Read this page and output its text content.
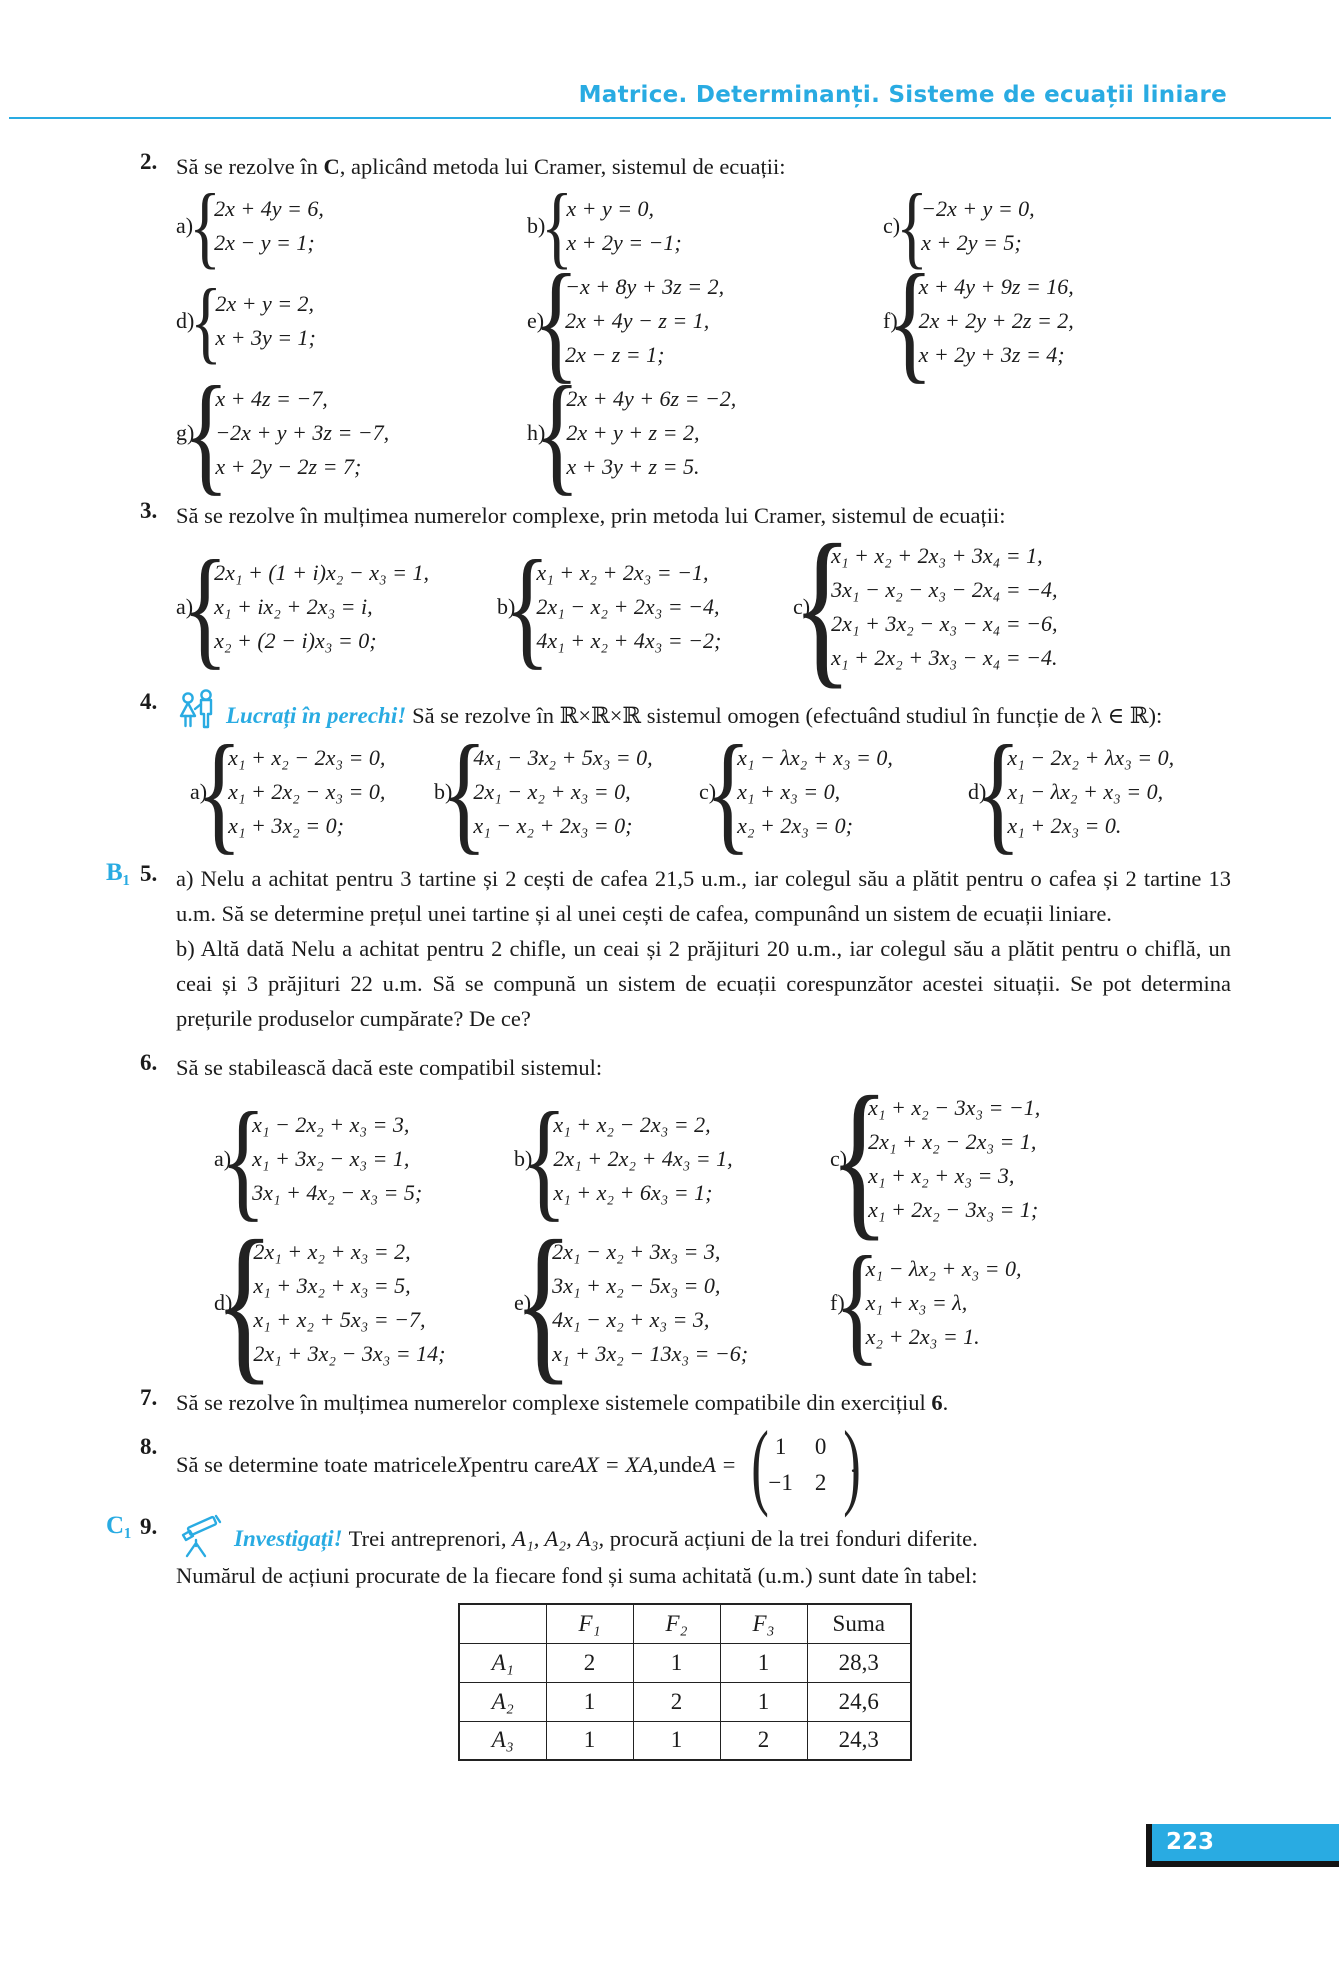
Matrice. Determinanți. Sisteme de ecuații liniare
2. Să se rezolve în C, aplicând metoda lui Cramer, sistemul de ecuații:

a)
2x + 4y = 6,
2x − y = 1;
b)
x + y = 0,
x + 2y = −1;
c)
−2x + y = 0,
x + 2y = 5;
d)
2x + y = 2,
x + 3y = 1;
e)
−x + 8y + 3z = 2,
2x + 4y − z = 1,
2x − z = 1;
f)
x + 4y + 9z = 16,
2x + 2y + 2z = 2,
x + 2y + 3z = 4;
g)
x + 4z = −7,
−2x + y + 3z = −7,
x + 2y − 2z = 7;
h)
2x + 4y + 6z = −2,
2x + y + z = 2,
x + 3y + z = 5.
3. Să se rezolve în mulțimea numerelor complexe, prin metoda lui Cramer, sistemul de ecuații:

a)
2x₁ + (1 + i)x₂ − x₃ = 1,
x₁ + ix₂ + 2x₃ = i,
x₂ + (2 − i)x₃ = 0;
b)
x₁ + x₂ + 2x₃ = −1,
2x₁ − x₂ + 2x₃ = −4,
4x₁ + x₂ + 4x₃ = −2;
c)
x₁ + x₂ + 2x₃ + 3x₄ = 1,
3x₁ − x₂ − x₃ − 2x₄ = −4,
2x₁ + 3x₂ − x₃ − x₄ = −6,
x₁ + 2x₂ + 3x₃ − x₄ = −4.
4.

Lucrați în perechi! Să se rezolve în ℝ×ℝ×ℝ sistemul omogen (efectuând studiul în funcție de λ ∈ ℝ):

a)
x₁ + x₂ − 2x₃ = 0,
x₁ + 2x₂ − x₃ = 0,
x₁ + 3x₂ = 0;
b)
4x₁ − 3x₂ + 5x₃ = 0,
2x₁ − x₂ + x₃ = 0,
x₁ − x₂ + 2x₃ = 0;
c)
x₁ − λx₂ + x₃ = 0,
x₁ + x₃ = 0,
x₂ + 2x₃ = 0;
d)
x₁ − 2x₂ + λx₃ = 0,
x₁ − λx₂ + x₃ = 0,
x₁ + 2x₃ = 0.
B₁ 5. a) Nelu a achitat pentru 3 tartine și 2 cești de cafea 21,5 u.m., iar colegul său a plătit pentru o cafea și 2 tartine 13 u.m. Să se determine prețul unei tartine și al unei cești de cafea, compunând un sistem de ecuații liniare.

b) Altă dată Nelu a achitat pentru 2 chifle, un ceai și 2 prăjituri 20 u.m., iar colegul său a plătit pentru o chiflă, un ceai și 3 prăjituri 22 u.m. Să se compună un sistem de ecuații corespunzător acestei situații. Se pot determina prețurile produselor cumpărate? De ce?

6. Să se stabilească dacă este compatibil sistemul:

a)
x₁ − 2x₂ + x₃ = 3,
x₁ + 3x₂ − x₃ = 1,
3x₁ + 4x₂ − x₃ = 5;
b)
x₁ + x₂ − 2x₃ = 2,
2x₁ + 2x₂ + 4x₃ = 1,
x₁ + x₂ + 6x₃ = 1;
c)
x₁ + x₂ − 3x₃ = −1,
2x₁ + x₂ − 2x₃ = 1,
x₁ + x₂ + x₃ = 3,
x₁ + 2x₂ − 3x₃ = 1;
d)
2x₁ + x₂ + x₃ = 2,
x₁ + 3x₂ + x₃ = 5,
x₁ + x₂ + 5x₃ = −7,
2x₁ + 3x₂ − 3x₃ = 14;
e)
2x₁ − x₂ + 3x₃ = 3,
3x₁ + x₂ − 5x₃ = 0,
4x₁ − x₂ + x₃ = 3,
x₁ + 3x₂ − 13x₃ = −6;
f)
x₁ − λx₂ + x₃ = 0,
x₁ + x₃ = λ,
x₂ + 2x₃ = 1.
7. Să se rezolve în mulțimea numerelor complexe sistemele compatibile din exercițiul 6.

8.
Să se determine toate matricele X pentru care AX = XA, unde A =
1 0
−1 2
.
C₁ 9.	Investigați! Trei antreprenori, A₁, A₂, A₃, procură acțiuni de la trei fonduri diferite.

Numărul de acțiuni procurate de la fiecare fond și suma achitată (u.m.) sunt date în tabel:

	F₁	F₂	F₃	Suma
A₁	2	1	1	28,3
A₂	1	2	1	24,6
A₃	1	1	2	24,3
223
